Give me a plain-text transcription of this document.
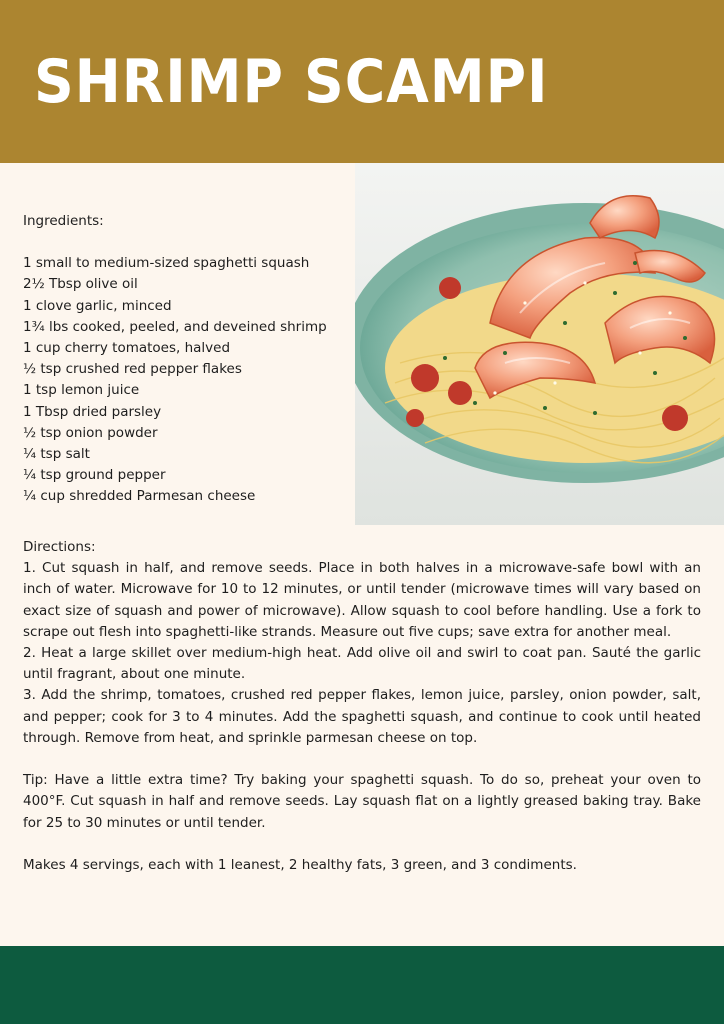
SHRIMP SCAMPI

Ingredients:

1 small to medium-sized spaghetti squash
2½ Tbsp olive oil
1 clove garlic, minced
1¾ lbs cooked, peeled, and deveined shrimp
1 cup cherry tomatoes, halved
½ tsp crushed red pepper flakes
1 tsp lemon juice
1 Tbsp dried parsley
½ tsp onion powder
¼ tsp salt
¼ tsp ground pepper
¼ cup shredded Parmesan cheese

Directions:

1. Cut squash in half, and remove seeds. Place in both halves in a microwave-safe bowl with an inch of water. Microwave for 10 to 12 minutes, or until tender (microwave times will vary based on exact size of squash and power of microwave). Allow squash to cool before handling. Use a fork to scrape out flesh into spaghetti-like strands. Measure out five cups; save extra for another meal.

2. Heat a large skillet over medium-high heat. Add olive oil and swirl to coat pan. Sauté the garlic until fragrant, about one minute.

3. Add the shrimp, tomatoes, crushed red pepper flakes, lemon juice, parsley, onion powder, salt, and pepper; cook for 3 to 4 minutes. Add the spaghetti squash, and continue to cook until heated through. Remove from heat, and sprinkle parmesan cheese on top.

Tip: Have a little extra time? Try baking your spaghetti squash. To do so, preheat your oven to 400°F. Cut squash in half and remove seeds. Lay squash flat on a lightly greased baking tray. Bake for 25 to 30 minutes or until tender.

Makes 4 servings, each with 1 leanest, 2 healthy fats, 3 green, and 3 condiments.
